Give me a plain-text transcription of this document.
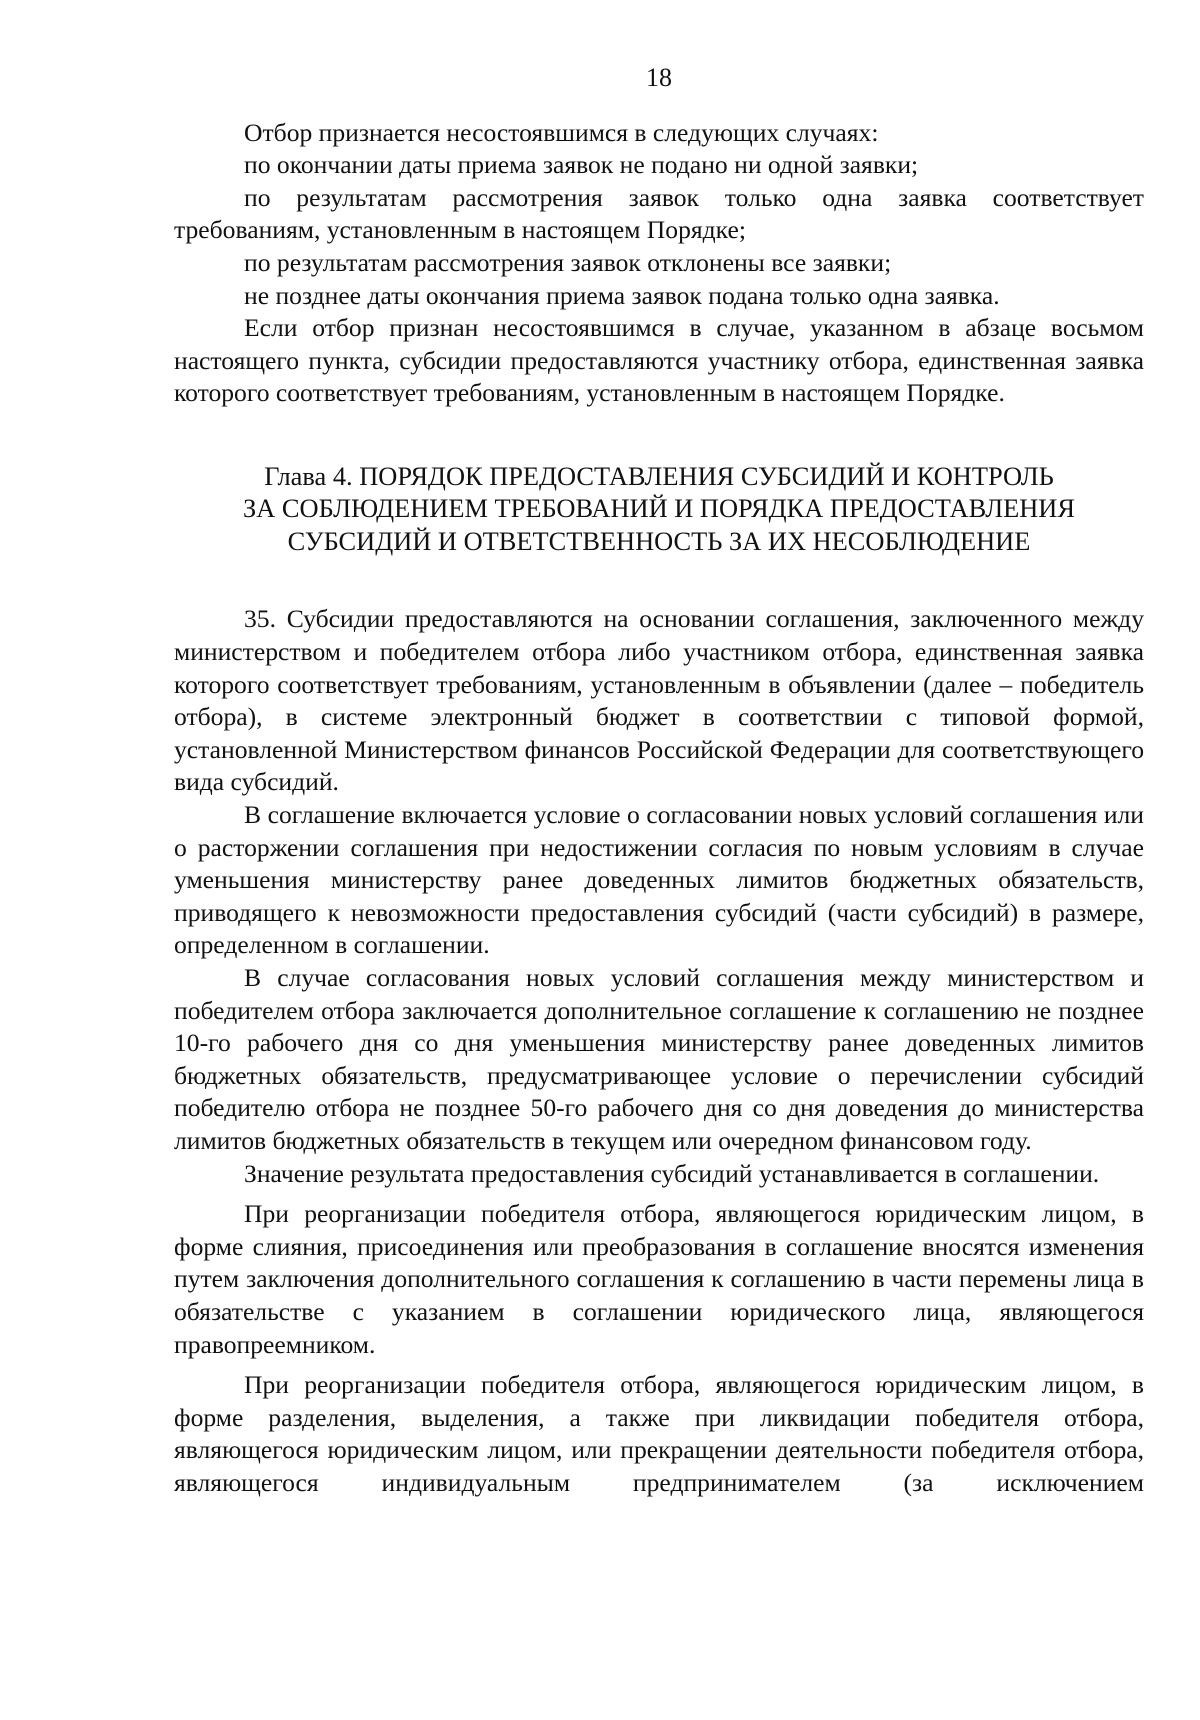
18

Отбор признается несостоявшимся в следующих случаях:

по окончании даты приема заявок не подано ни одной заявки;

по результатам рассмотрения заявок только одна заявка соответствует требованиям, установленным в настоящем Порядке;

по результатам рассмотрения заявок отклонены все заявки;

не позднее даты окончания приема заявок подана только одна заявка.

Если отбор признан несостоявшимся в случае, указанном в абзаце восьмом настоящего пункта, субсидии предоставляются участнику отбора, единственная заявка которого соответствует требованиям, установленным в настоящем Порядке.

Глава 4. ПОРЯДОК ПРЕДОСТАВЛЕНИЯ СУБСИДИЙ И КОНТРОЛЬ
ЗА СОБЛЮДЕНИЕМ ТРЕБОВАНИЙ И ПОРЯДКА ПРЕДОСТАВЛЕНИЯ
СУБСИДИЙ И ОТВЕТСТВЕННОСТЬ ЗА ИХ НЕСОБЛЮДЕНИЕ

35. Субсидии предоставляются на основании соглашения, заключенного между министерством и победителем отбора либо участником отбора, единственная заявка которого соответствует требованиям, установленным в объявлении (далее – победитель отбора), в системе электронный бюджет в соответствии с типовой формой, установленной Министерством финансов Российской Федерации для соответствующего вида субсидий.

В соглашение включается условие о согласовании новых условий соглашения или о расторжении соглашения при недостижении согласия по новым условиям в случае уменьшения министерству ранее доведенных лимитов бюджетных обязательств, приводящего к невозможности предоставления субсидий (части субсидий) в размере, определенном в соглашении.

В случае согласования новых условий соглашения между министерством и победителем отбора заключается дополнительное соглашение к соглашению не позднее 10-го рабочего дня со дня уменьшения министерству ранее доведенных лимитов бюджетных обязательств, предусматривающее условие о перечислении субсидий победителю отбора не позднее 50-го рабочего дня со дня доведения до министерства лимитов бюджетных обязательств в текущем или очередном финансовом году.

Значение результата предоставления субсидий устанавливается в соглашении.

При реорганизации победителя отбора, являющегося юридическим лицом, в форме слияния, присоединения или преобразования в соглашение вносятся изменения путем заключения дополнительного соглашения к соглашению в части перемены лица в обязательстве с указанием в соглашении юридического лица, являющегося правопреемником.

При реорганизации победителя отбора, являющегося юридическим лицом, в форме разделения, выделения, а также при ликвидации победителя отбора, являющегося юридическим лицом, или прекращении деятельности победителя отбора, являющегося индивидуальным предпринимателем (за исключением
